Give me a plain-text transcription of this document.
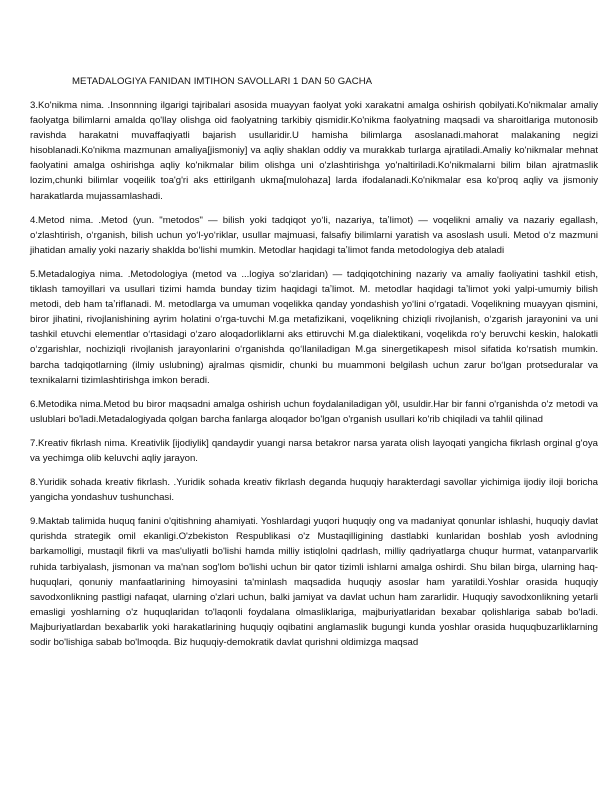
METADALOGIYA FANIDAN IMTIHON SAVOLLARI 1 DAN 50 GACHA

3.Ko'nikma nima. .Insonnning ilgarigi tajribalari asosida muayyan faolyat yoki xarakatni amalga oshirish qobilyati.Ko'nikmalar amaliy faolyatga bilimlarni amalda qo'llay olishga oid faolyatning tarkibiy qismidir.Ko'nikma faolyatning maqsadi va sharoitlariga mutonosib ravishda harakatni muvaffaqiyatli bajarish usullaridir.U hamisha bilimlarga asoslanadi.mahorat malakaning negizi hisoblanadi.Ko'nikma mazmunan amaliya[jismoniy] va aqliy shaklan oddiy va murakkab turlarga ajratiladi.Amaliy ko'nikmalar mehnat faolyatini amalga oshirishga aqliy ko'nikmalar bilim olishga uni o'zlashtirishga yo'naltiriladi.Ko'nikmalarni bilim bilan ajratmaslik lozim,chunki bilimlar voqeilik toa'g'ri aks ettirilganh ukma[mulohaza] larda ifodalanadi.Ko'nikmalar esa ko'proq aqliy va jismoniy harakatlarda mujassamlashadi.

4.Metod nima. .Metod (yun. "metodos" — bilish yoki tadqiqot yoʻli, nazariya, taʼlimot) — voqelikni amaliy va nazariy egallash, oʻzlashtirish, oʻrganish, bilish uchun yoʻl-yoʻriklar, usullar majmuasi, falsafiy bilimlarni yaratish va asoslash usuli. Metod oʻz mazmuni jihatidan amaliy yoki nazariy shaklda boʻlishi mumkin. Metodlar haqidagi taʼlimot fanda metodologiya deb ataladi

5.Metadalogiya nima. .Metodologiya (metod va ...logiya soʻzlaridan) — tadqiqotchining nazariy va amaliy faoliyatini tashkil etish, tiklash tamoyillari va usullari tizimi hamda bunday tizim haqidagi taʼlimot. M. metodlar haqidagi taʼlimot yoki yalpi-umumiy bilish metodi, deb ham taʼriflanadi. M. metodlarga va umuman voqelikka qanday yondashish yoʻlini oʻrgatadi. Voqelikning muayyan qismini, biror jihatini, rivojlanishining ayrim holatini oʻrga-tuvchi M.ga metafizikani, voqelikning chiziqli rivojlanish, oʻzgarish jarayonini va uni tashkil etuvchi elementlar oʻrtasidagi oʻzaro aloqadorliklarni aks ettiruvchi M.ga dialektikani, voqelikda roʻy beruvchi keskin, halokatli oʻzgarishlar, nochiziqli rivojlanish jarayonlarini oʻrganishda qoʻllaniladigan M.ga sinergetikapesh misol sifatida koʻrsatish mumkin. barcha tadqiqotlarning (ilmiy uslubning) ajralmas qismidir, chunki bu muammoni belgilash uchun zarur boʻlgan protseduralar va texnikalarni tizimlashtirishga imkon beradi.

6.Metodika nima.Metod bu biror maqsadni amalga oshirish uchun foydalaniladigan yõl, usuldir.Har bir fanni o'rganishda o'z metodi va uslublari bo'ladi.Metadalogiyada qolgan barcha fanlarga aloqador bo'lgan o'rganish usullari ko'rib chiqiladi va tahlil qilinad

7.Kreativ fikrlash nima. Kreativlik [ijodiylik] qandaydir yuangi narsa betakror narsa yarata olish layoqati yangicha fikrlash orginal g'oya va yechimga olib keluvchi aqliy jarayon.

8.Yuridik sohada kreativ fikrlash. .Yuridik sohada kreativ fikrlash deganda huquqiy harakterdagi savollar yichimiga ijodiy iloji boricha yangicha yondashuv tushunchasi.

9.Maktab talimida huquq fanini o'qitishning ahamiyati. Yoshlardagi yuqori huquqiy ong va madaniyat qonunlar ishlashi, huquqiy davlat qurishda strategik omil ekanligi.O'zbekiston Respublikasi o'z Mustaqilligining dastlabki kunlaridan boshlab yosh avlodning barkamolligi, mustaqil fikrli va mas'uliyatli bo'lishi hamda milliy istiqlolni qadrlash, milliy qadriyatlarga chuqur hurmat, vatanparvarlik ruhida tarbiyalash, jismonan va ma'nan sog'lom bo'lishi uchun bir qator tizimli ishlarni amalga oshirdi. Shu bilan birga, ularning haq-huquqlari, qonuniy manfaatlarining himoyasini ta'minlash maqsadida huquqiy asoslar ham yaratildi.Yoshlar orasida huquqiy savodxonlikning pastligi nafaqat, ularning o'zlari uchun, balki jamiyat va davlat uchun ham zararlidir. Huquqiy savodxonlikning yetarli emasligi yoshlarning o'z huquqlaridan to'laqonli foydalana olmasliklariga, majburiyatlaridan bexabar qolishlariga sabab bo'ladi. Majburiyatlardan bexabarlik yoki harakatlarining huquqiy oqibatini anglamaslik bugungi kunda yoshlar orasida huquqbuzarliklarning sodir bo'lishiga sabab bo'lmoqda. Biz huquqiy-demokratik davlat qurishni oldimizga maqsad
